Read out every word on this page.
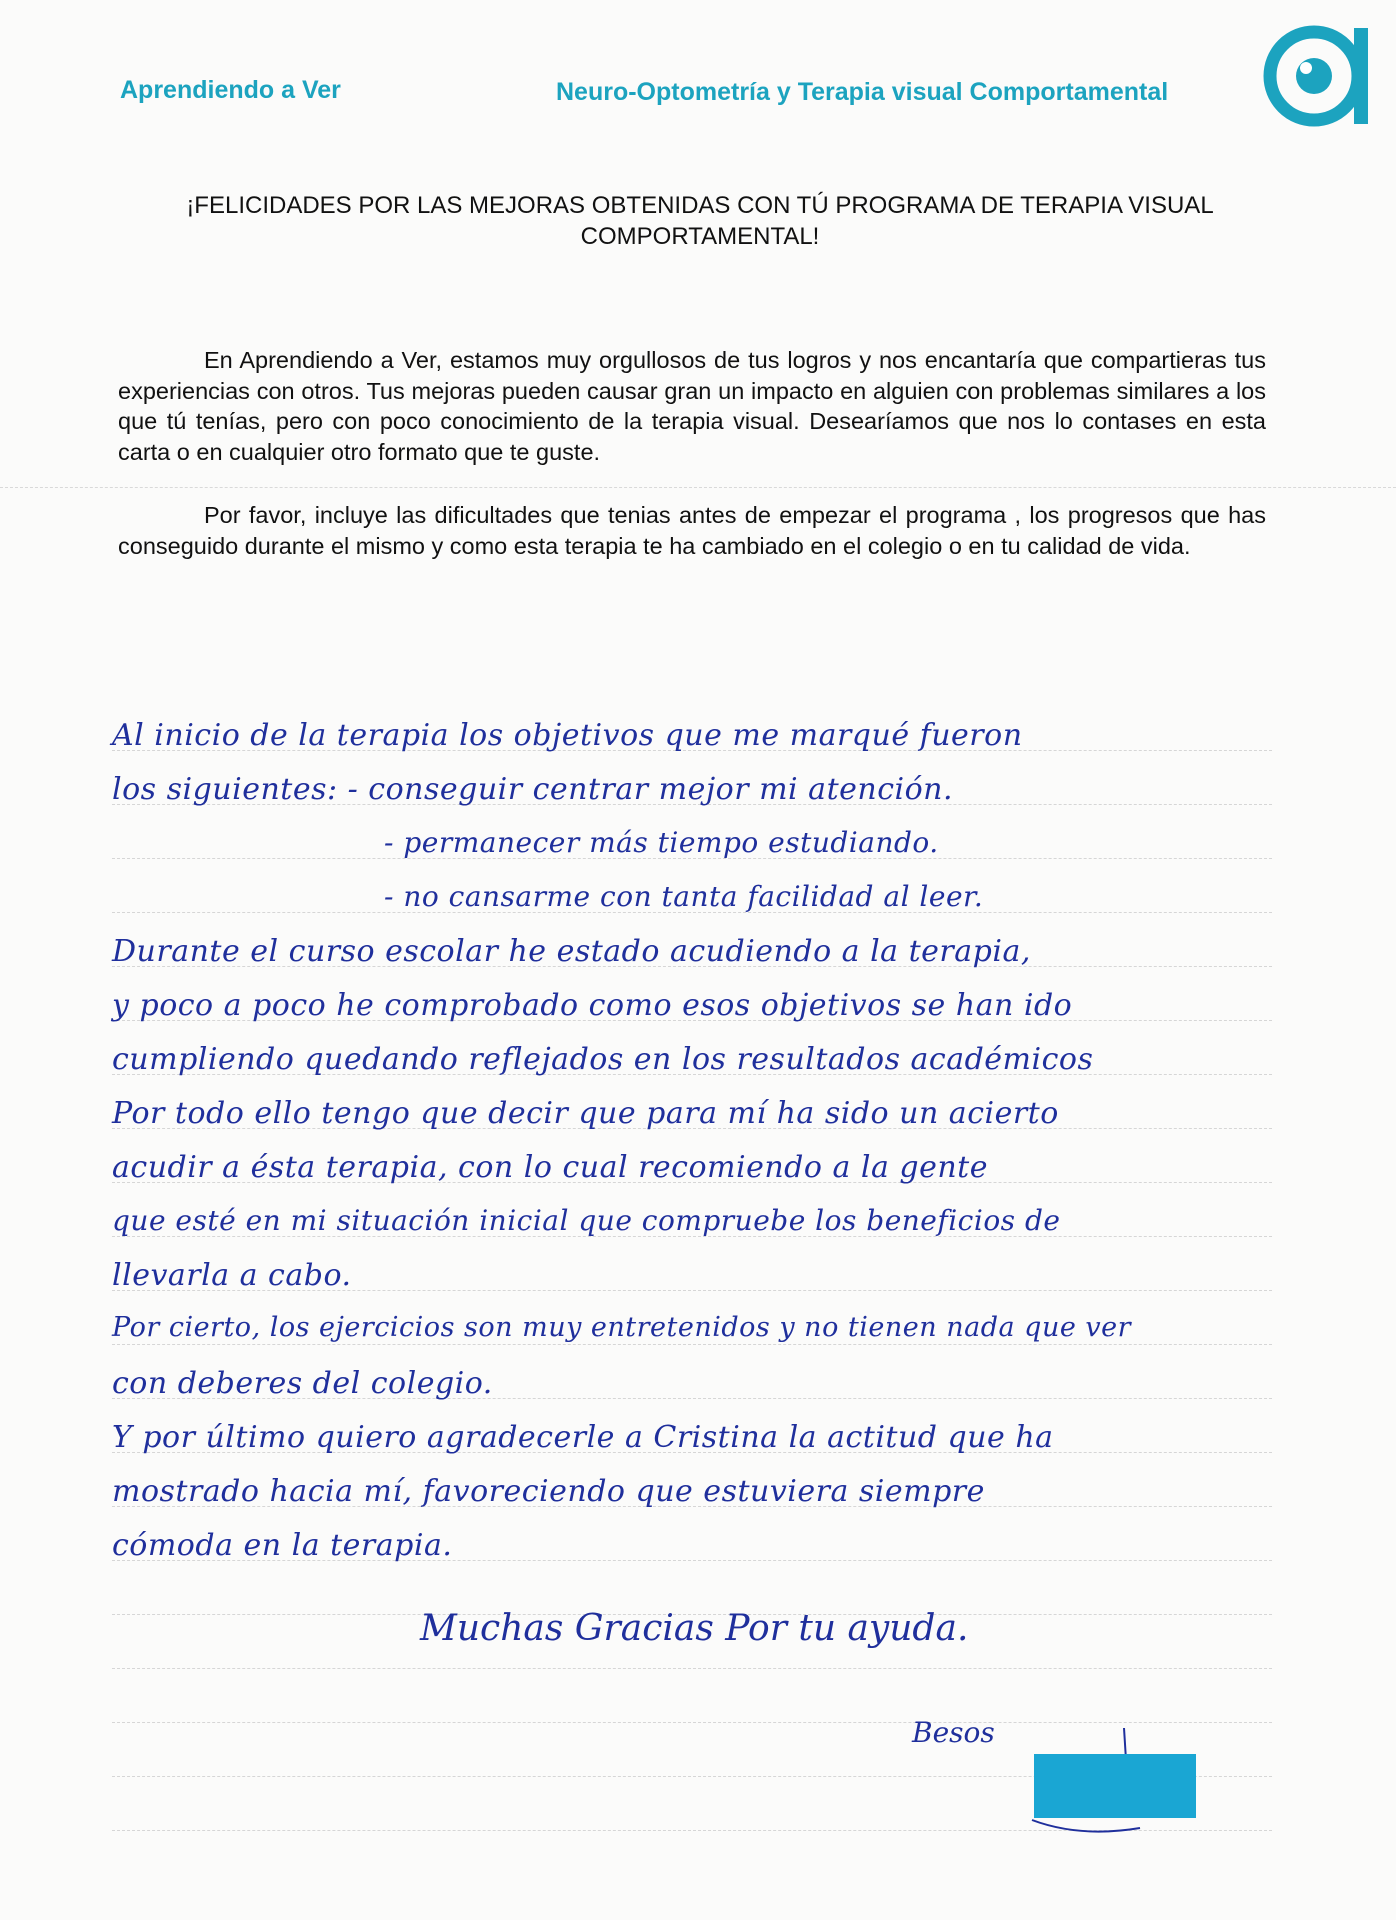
Aprendiendo a Ver	Neuro-Optometría y Terapia visual Comportamental
¡FELICIDADES POR LAS MEJORAS OBTENIDAS CON TÚ PROGRAMA DE TERAPIA VISUAL
COMPORTAMENTAL!
En Aprendiendo a Ver, estamos muy orgullosos de tus logros y nos encantaría que compartieras tus experiencias con otros. Tus mejoras pueden causar gran un impacto en alguien con problemas similares a los que tú tenías, pero con poco conocimiento de la terapia visual. Desearíamos que nos lo contases en esta carta o en cualquier otro formato que te guste.
Por favor, incluye las dificultades que tenias antes de empezar el programa , los progresos que has conseguido durante el mismo y como esta terapia te ha cambiado en el colegio o en tu calidad de vida.
Al inicio de la terapia los objetivos que me marqué fueron
los siguientes: - conseguir centrar mejor mi atención.
- permanecer más tiempo estudiando.
- no cansarme con tanta facilidad al leer.
Durante el curso escolar he estado acudiendo a la terapia,
y poco a poco he comprobado como esos objetivos se han ido
cumpliendo quedando reflejados en los resultados académicos
Por todo ello tengo que decir que para mí ha sido un acierto
acudir a ésta terapia, con lo cual recomiendo a la gente
que esté en mi situación inicial que compruebe los beneficios de
llevarla a cabo.
Por cierto, los ejercicios son muy entretenidos y no tienen nada que ver
con deberes del colegio.
Y por último quiero agradecerle a Cristina la actitud que ha
mostrado hacia mí, favoreciendo que estuviera siempre
cómoda en la terapia.
Muchas Gracias Por tu ayuda.
Besos
